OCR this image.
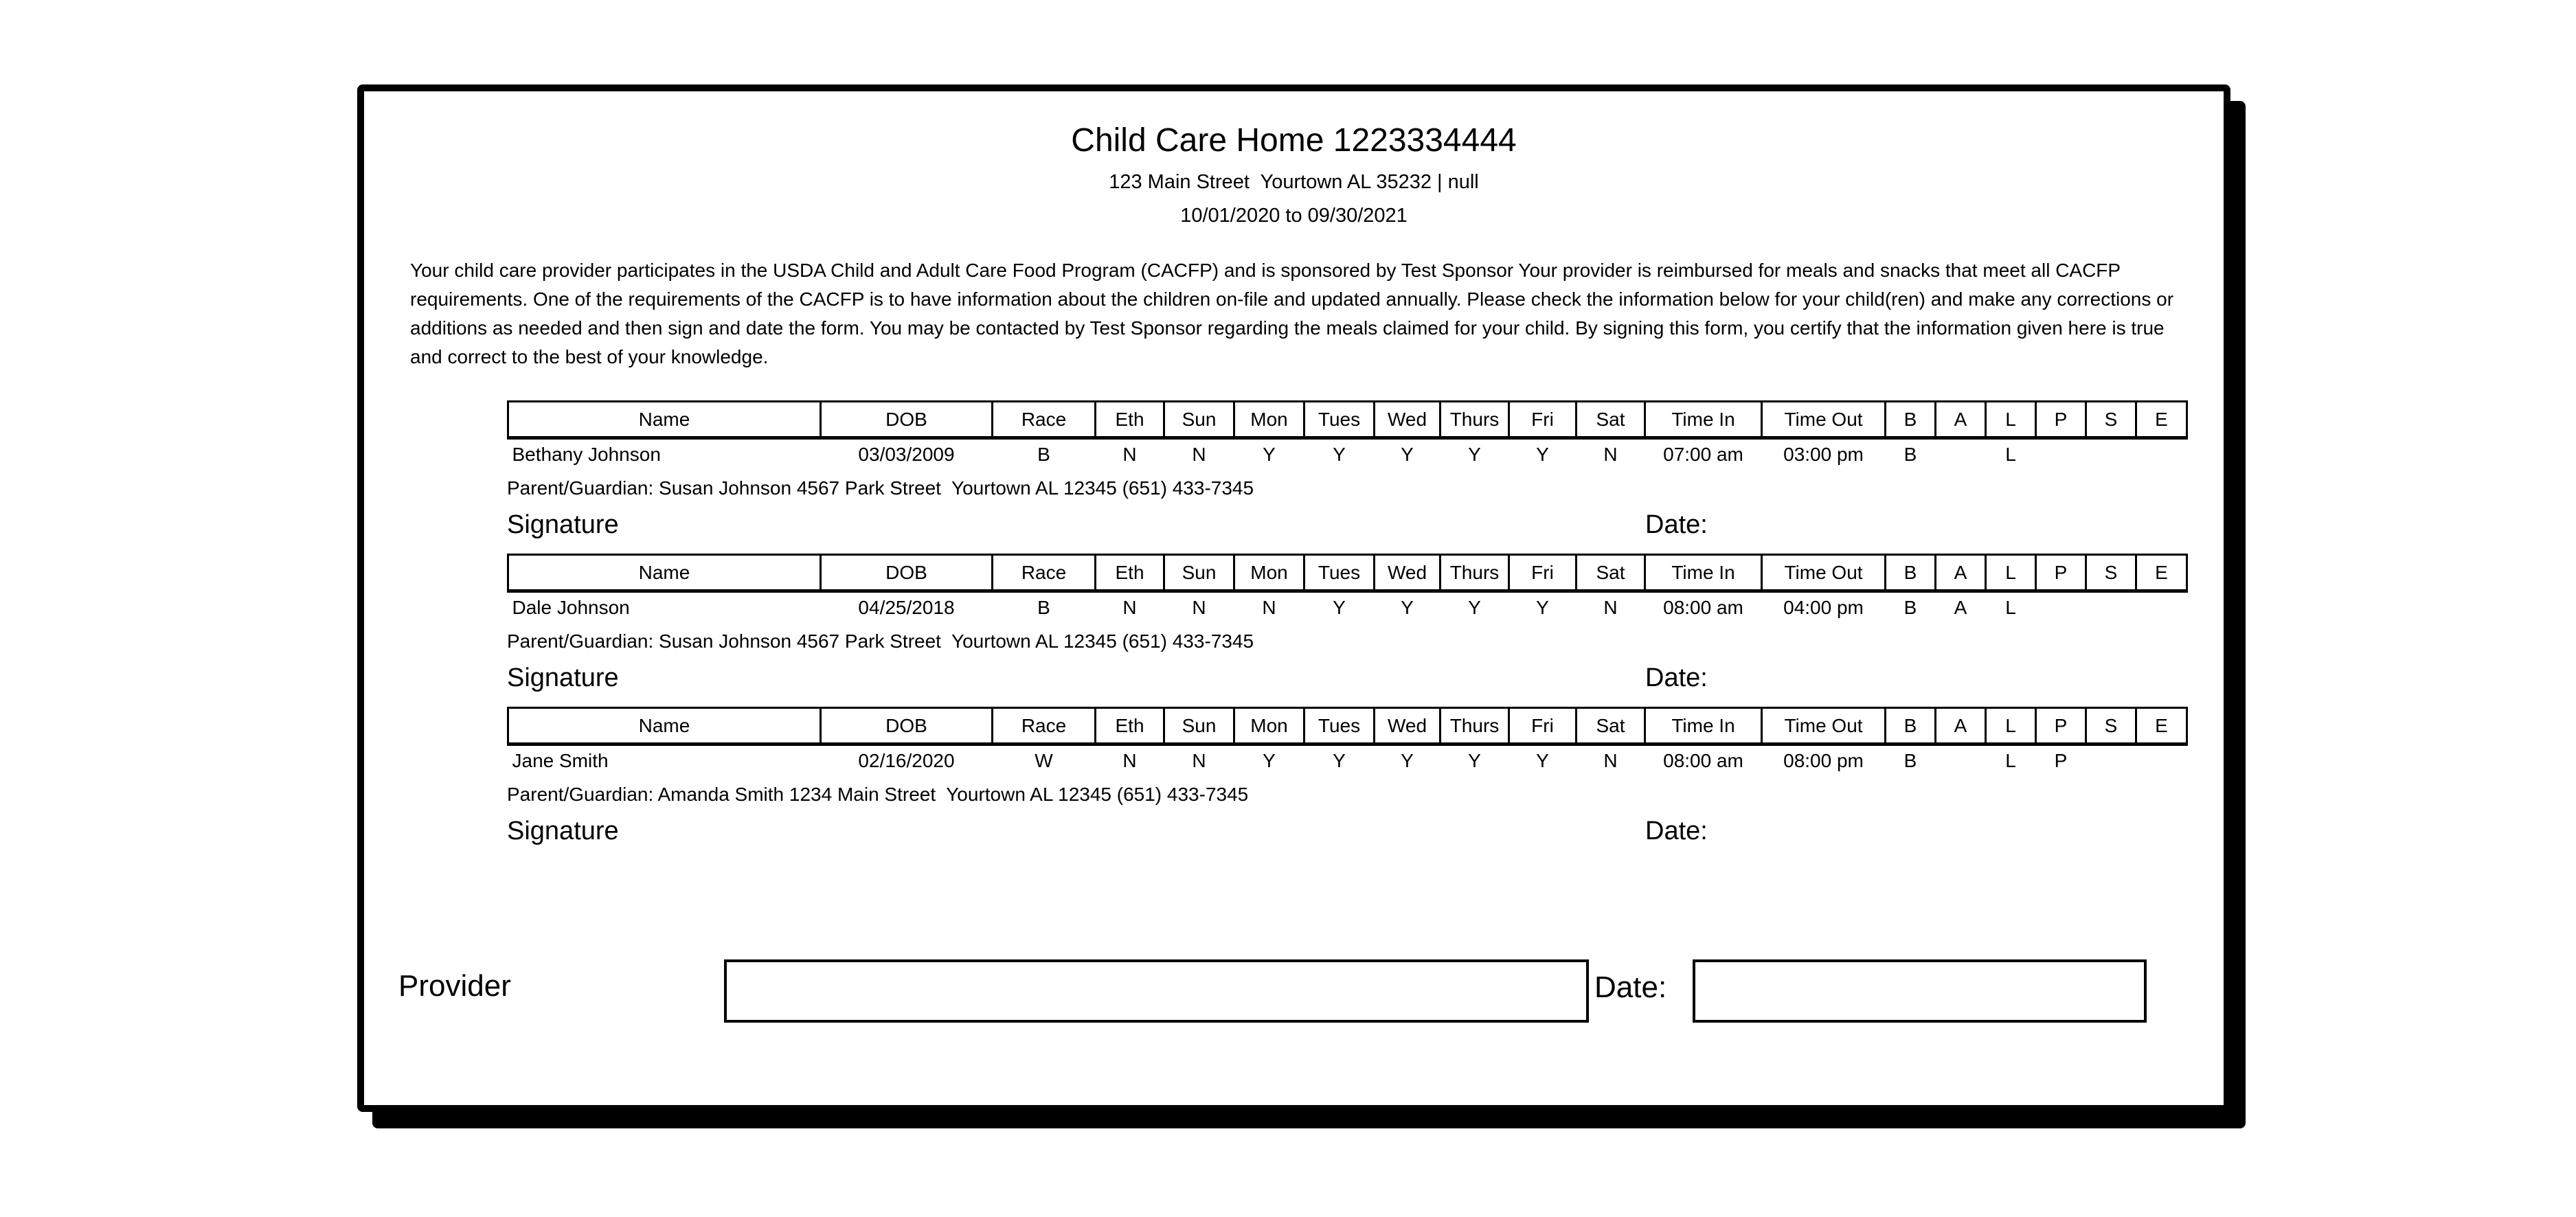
Child Care Home 1223334444
123 Main Street  Yourtown AL 35232 | null
10/01/2020 to 09/30/2021

Your child care provider participates in the USDA Child and Adult Care Food Program (CACFP) and is sponsored by Test Sponsor Your provider is reimbursed for meals and snacks that meet all CACFP requirements. One of the requirements of the CACFP is to have information about the children on-file and updated annually. Please check the information below for your child(ren) and make any corrections or additions as needed and then sign and date the form. You may be contacted by Test Sponsor regarding the meals claimed for your child. By signing this form, you certify that the information given here is true and correct to the best of your knowledge.

Name	DOB	Race	Eth	Sun	Mon	Tues	Wed	Thurs	Fri	Sat	Time In	Time Out	B	A	L	P	S	E
Bethany Johnson	03/03/2009	B	N	N	Y	Y	Y	Y	Y	N	07:00 am	03:00 pm	B		L			
Parent/Guardian: Susan Johnson 4567 Park Street  Yourtown AL 12345 (651) 433-7345
Signature	Date:
Name	DOB	Race	Eth	Sun	Mon	Tues	Wed	Thurs	Fri	Sat	Time In	Time Out	B	A	L	P	S	E
Dale Johnson	04/25/2018	B	N	N	N	Y	Y	Y	Y	N	08:00 am	04:00 pm	B	A	L			
Parent/Guardian: Susan Johnson 4567 Park Street  Yourtown AL 12345 (651) 433-7345
Signature	Date:
Name	DOB	Race	Eth	Sun	Mon	Tues	Wed	Thurs	Fri	Sat	Time In	Time Out	B	A	L	P	S	E
Jane Smith	02/16/2020	W	N	N	Y	Y	Y	Y	Y	N	08:00 am	08:00 pm	B		L	P		
Parent/Guardian: Amanda Smith 1234 Main Street  Yourtown AL 12345 (651) 433-7345
Signature	Date:
Provider	Date:
